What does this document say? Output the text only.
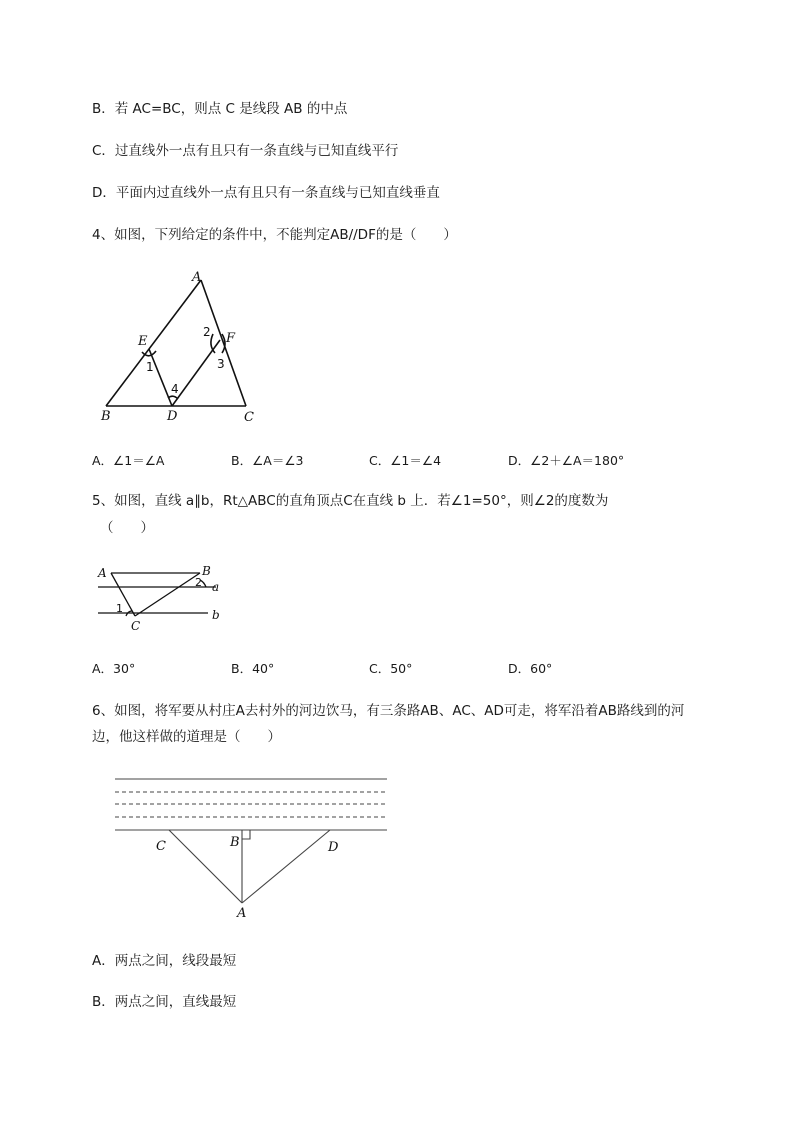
B．若 AC=BC，则点 C 是线段 AB 的中点
C．过直线外一点有且只有一条直线与已知直线平行
D．平面内过直线外一点有且只有一条直线与已知直线垂直
4、如图，下列给定的条件中，不能判定AB//DF的是（　　）
A
B	C
D
E	F
1
2
3
4
A．∠1＝∠A	B．∠A＝∠3	C．∠1＝∠4	D．∠2＋∠A＝180°
5、如图，直线 a∥b，Rt△ABC的直角顶点C在直线 b 上．若∠1=50°，则∠2的度数为
（　　）
A	B
C
a
b
1
2
A．30°	B．40°	C．50°	D．60°
6、如图，将军要从村庄A去村外的河边饮马，有三条路AB、AC、AD可走，将军沿着AB路线到的河
边，他这样做的道理是（　　）
C	B	D
A
A．两点之间，线段最短
B．两点之间，直线最短
